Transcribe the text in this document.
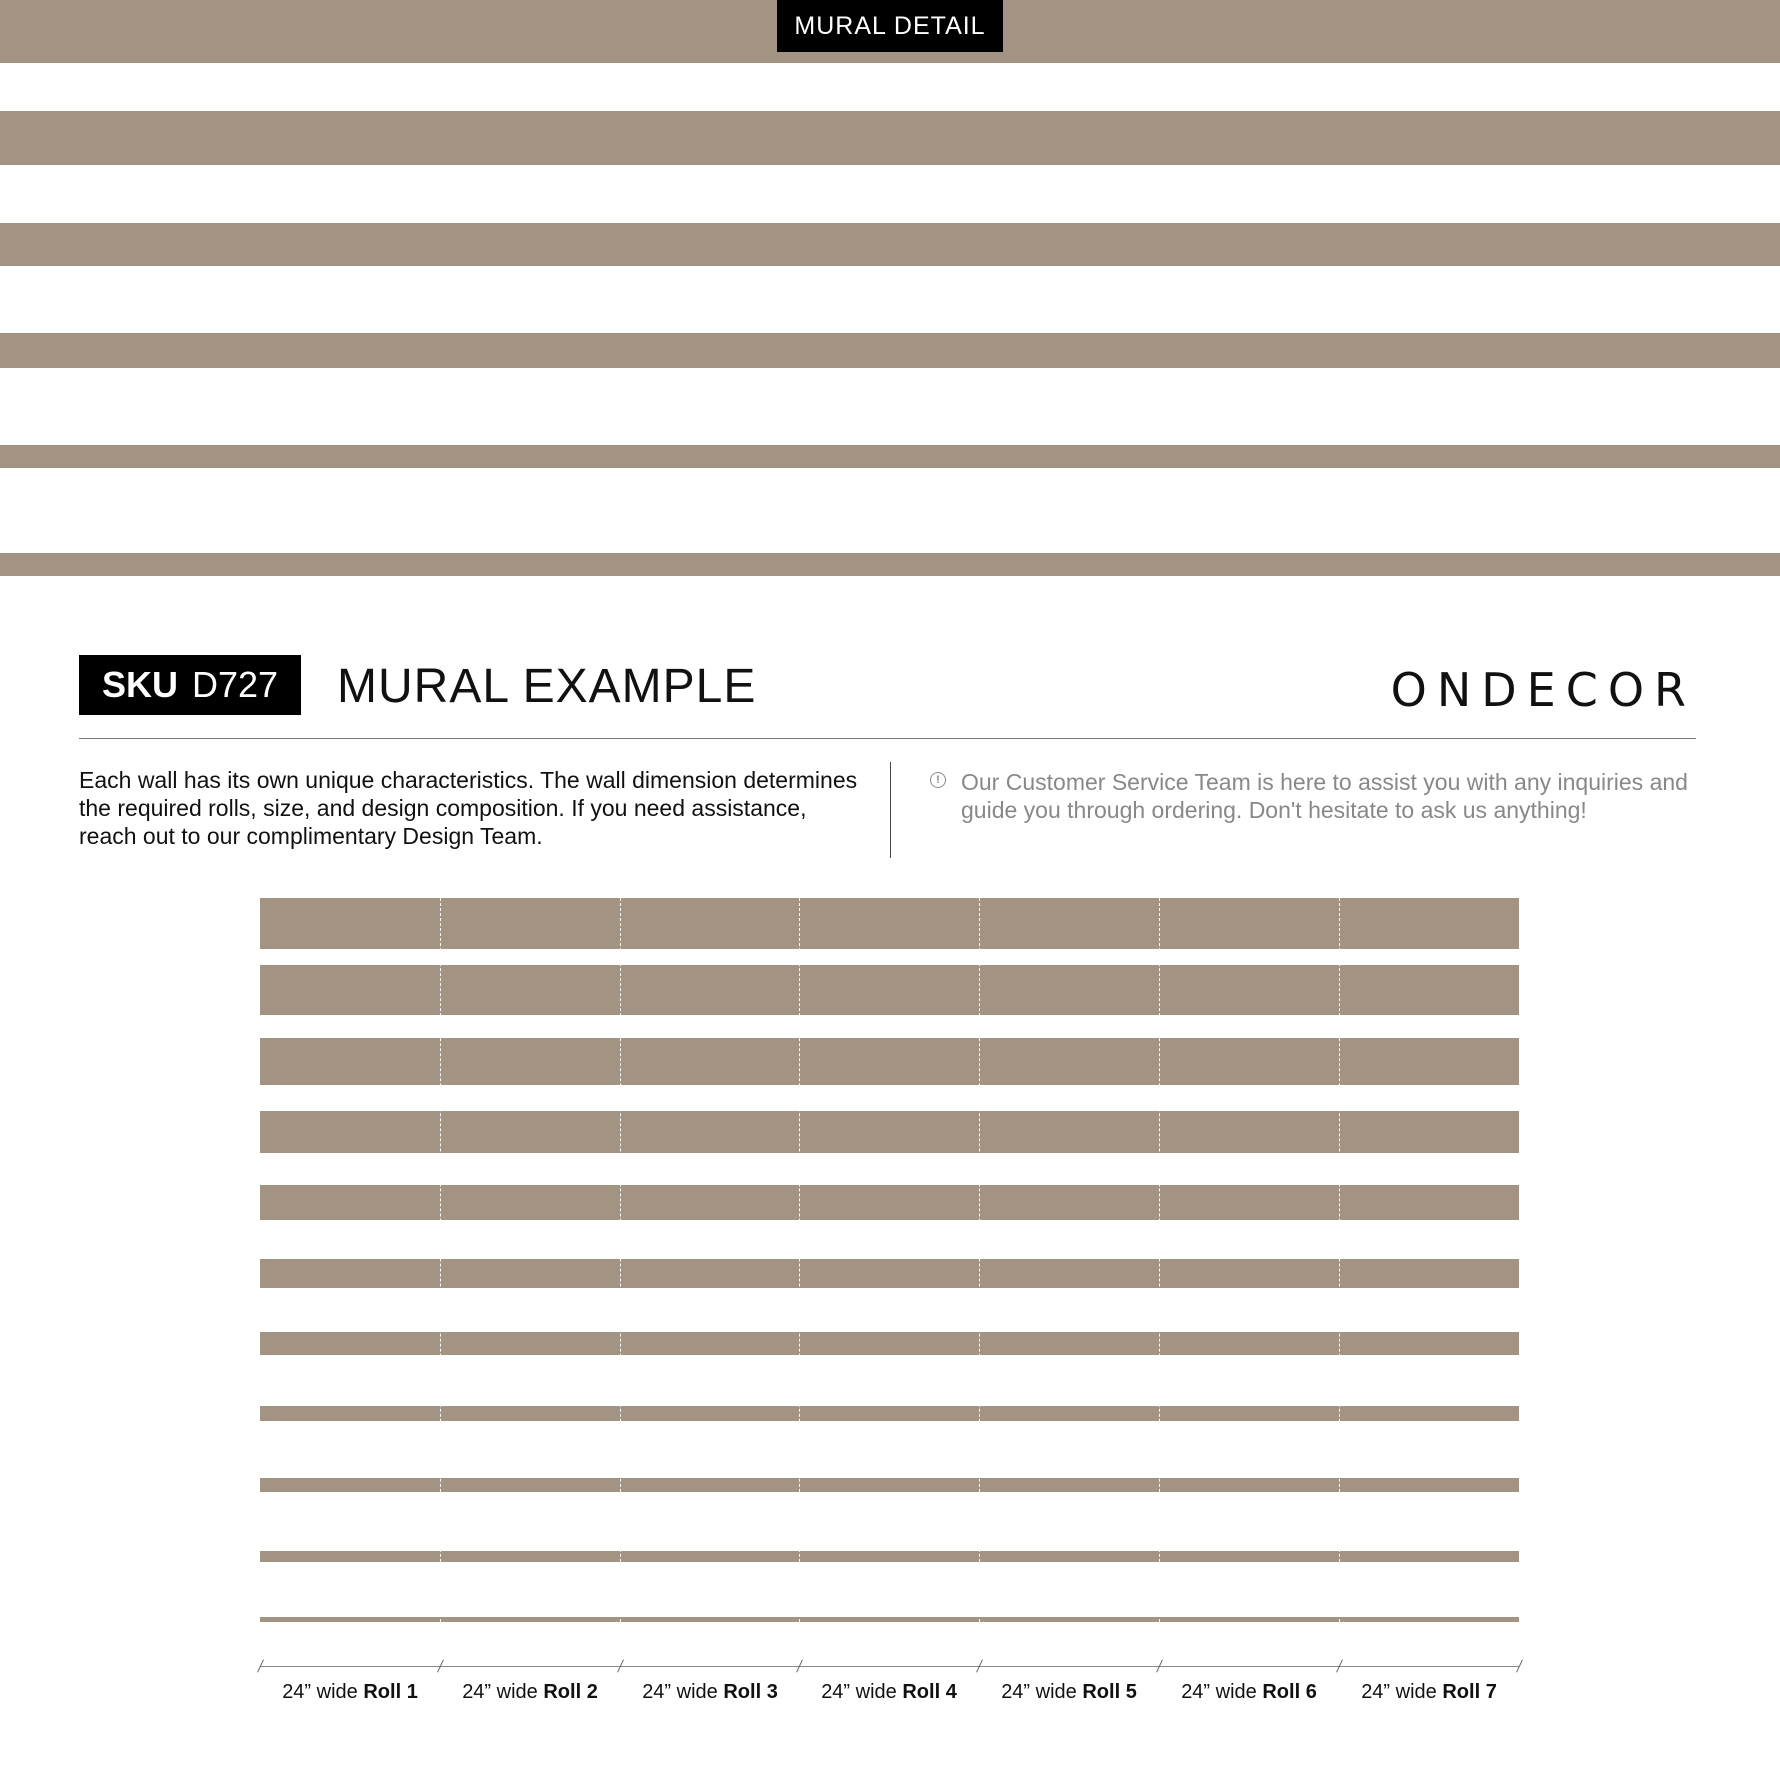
MURAL DETAIL
SKU D727 MURAL EXAMPLE	ONDECOR
Each wall has its own unique characteristics. The wall dimension determines the required rolls, size, and design composition. If you need assistance, reach out to our complimentary Design Team.
! Our Customer Service Team is here to assist you with any inquiries and guide you through ordering. Don't hesitate to ask us anything!
24” wide Roll 1	24” wide Roll 2	24” wide Roll 3	24” wide Roll 4	24” wide Roll 5	24” wide Roll 6	24” wide Roll 7
